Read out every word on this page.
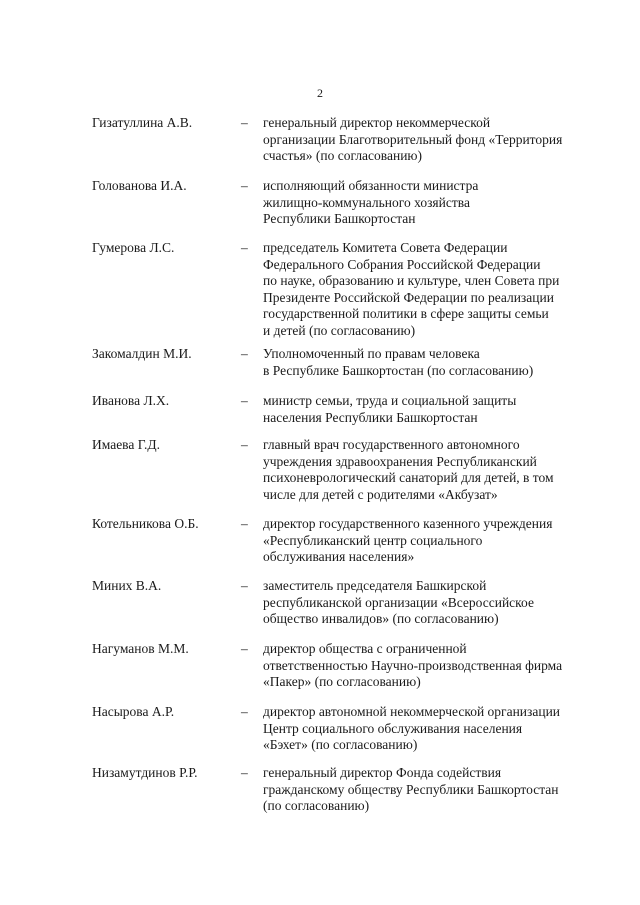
2
Гизатуллина А.В.	– генеральный директор некоммерческой
организации Благотворительный фонд «Территория
счастья» (по согласованию)
Голованова И.А.	– исполняющий обязанности министра
жилищно-коммунального хозяйства
Республики Башкортостан
Гумерова Л.С.	– председатель Комитета Совета Федерации
Федерального Собрания Российской Федерации
по науке, образованию и культуре, член Совета при
Президенте Российской Федерации по реализации
государственной политики в сфере защиты семьи
и детей (по согласованию)
Закомалдин М.И.	– Уполномоченный по правам человека
в Республике Башкортостан (по согласованию)
Иванова Л.Х.	– министр семьи, труда и социальной защиты
населения Республики Башкортостан
Имаева Г.Д.	– главный врач государственного автономного
учреждения здравоохранения Республиканский
психоневрологический санаторий для детей, в том
числе для детей с родителями «Акбузат»
Котельникова О.Б.	– директор государственного казенного учреждения
«Республиканский центр социального
обслуживания населения»
Миних В.А.	– заместитель председателя Башкирской
республиканской организации «Всероссийское
общество инвалидов» (по согласованию)
Нагуманов М.М.	– директор общества с ограниченной
ответственностью Научно-производственная фирма
«Пакер» (по согласованию)
Насырова А.Р.	– директор автономной некоммерческой организации
Центр социального обслуживания населения
«Бэхет» (по согласованию)
Низамутдинов Р.Р.	– генеральный директор Фонда содействия
гражданскому обществу Республики Башкортостан
(по согласованию)
